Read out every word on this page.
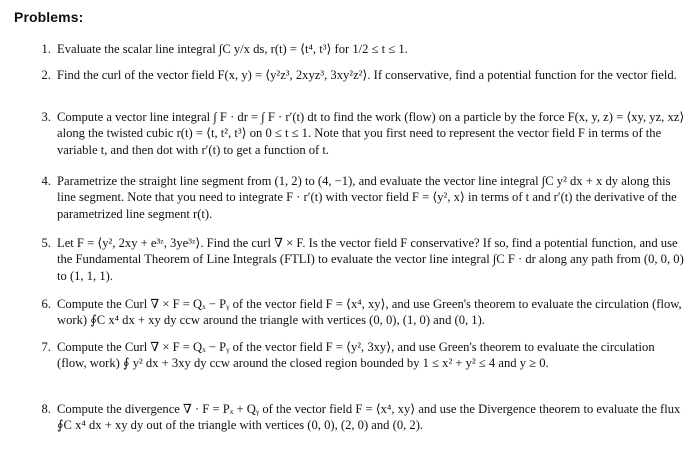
Problems:
1. Evaluate the scalar line integral ∫C y/x ds, r(t) = ⟨t⁴, t³⟩ for 1/2 ≤ t ≤ 1.
2. Find the curl of the vector field F(x, y) = ⟨y²z³, 2xyz³, 3xy²z²⟩. If conservative, find a potential function for the vector field.
3. Compute a vector line integral ∫ F · dr = ∫ F · r′(t) dt to find the work (flow) on a particle by the force F(x, y, z) = ⟨xy, yz, xz⟩ along the twisted cubic r(t) = ⟨t, t², t³⟩ on 0 ≤ t ≤ 1. Note that you first need to represent the vector field F in terms of the variable t, and then dot with r′(t) to get a function of t.
4. Parametrize the straight line segment from (1, 2) to (4, −1), and evaluate the vector line integral ∫C y² dx + x dy along this line segment. Note that you need to integrate F · r′(t) with vector field F = ⟨y², x⟩ in terms of t and r′(t) the derivative of the parametrized line segment r(t).
5. Let F = ⟨y², 2xy + e³ᶻ, 3ye³ᶻ⟩. Find the curl ∇ × F. Is the vector field F conservative? If so, find a potential function, and use the Fundamental Theorem of Line Integrals (FTLI) to evaluate the vector line integral ∫C F · dr along any path from (0, 0, 0) to (1, 1, 1).
6. Compute the Curl ∇ × F = Qₓ − Pᵧ of the vector field F = ⟨x⁴, xy⟩, and use Green's theorem to evaluate the circulation (flow, work) ∮C x⁴ dx + xy dy ccw around the triangle with vertices (0, 0), (1, 0) and (0, 1).
7. Compute the Curl ∇ × F = Qₓ − Pᵧ of the vector field F = ⟨y², 3xy⟩, and use Green's theorem to evaluate the circulation (flow, work) ∮ y² dx + 3xy dy ccw around the closed region bounded by 1 ≤ x² + y² ≤ 4 and y ≥ 0.
8. Compute the divergence ∇ · F = Pₓ + Qᵧ of the vector field F = ⟨x⁴, xy⟩ and use the Divergence theorem to evaluate the flux ∮C x⁴ dx + xy dy out of the triangle with vertices (0, 0), (2, 0) and (0, 2).
